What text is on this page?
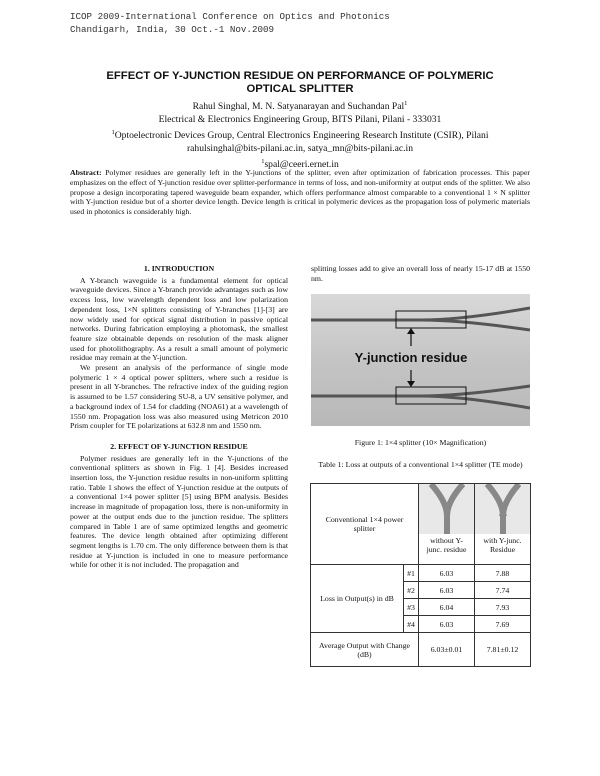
ICOP 2009-International Conference on Optics and Photonics
Chandigarh, India, 30 Oct.-1 Nov.2009
EFFECT OF Y-JUNCTION RESIDUE ON PERFORMANCE OF POLYMERIC
OPTICAL SPLITTER
Rahul Singhal, M. N. Satyanarayan and Suchandan Pal$^1$
Electrical & Electronics Engineering Group, BITS Pilani, Pilani - 333031
$^1$Optoelectronic Devices Group, Central Electronics Engineering Research Institute (CSIR), Pilani
rahulsinghal@bits-pilani.ac.in, satya_mn@bits-pilani.ac.in
$^1$spal@ceeri.ernet.in
Abstract: Polymer residues are generally left in the Y-junctions of the splitter, even after optimization of fabrication processes. This paper emphasizes on the effect of Y-junction residue over splitter-performance in terms of loss, and non-uniformity at output ends of the splitter. We also propose a design incorporating tapered waveguide beam expander, which offers performance almost comparable to a conventional 1 × N splitter with Y-junction residue but of a shorter device length. Device length is critical in polymeric devices as the propagation loss of polymeric materials used in photonics is considerably high.
1. INTRODUCTION

A Y-branch waveguide is a fundamental element for optical waveguide devices. Since a Y-branch provide advantages such as low excess loss, low wavelength dependent loss and low polarization dependent loss, 1×N splitters consisting of Y-branches [1]-[3] are now widely used for optical signal distribution in passive optical networks. During fabrication employing a photomask, the smallest feature size obtainable depends on resolution of the mask aligner used for photolithography. As a result a small amount of polymeric residue may remain at the Y-junction.

We present an analysis of the performance of single mode polymeric 1 × 4 optical power splitters, where such a residue is present in all Y-branches. The refractive index of the guiding region is assumed to be 1.57 considering SU-8, a UV sensitive polymer, and a background index of 1.54 for cladding (NOA61) at a wavelength of 1550 nm. Propagation loss was also measured using Metricon 2010 Prism coupler for TE polarizations at 632.8 nm and 1550 nm.

2. EFFECT OF Y-JUNCTION RESIDUE

Polymer residues are generally left in the Y-junctions of the conventional splitters as shown in Fig. 1 [4]. Besides increased insertion loss, the Y-junction residue results in non-uniform splitting ratio. Table 1 shows the effect of Y-junction residue at the outputs of a conventional 1×4 power splitter [5] using BPM analysis. Besides increase in magnitude of propagation loss, there is non-uniformity in power at the output ends due to the junction residue. The splitters compared in Table 1 are of same optimized lengths and geometric features. The device length obtained after optimizing different segment lengths is 1.70 cm. The only difference between them is that residue at Y-junction is included in one to measure performance while for other it is not included. The propagation and

splitting losses add to give an overall loss of nearly 15-17 dB at 1550 nm.

Y-junction residue
Figure 1: 1×4 splitter (10× Magnification)
Table 1: Loss at outputs of a conventional 1×4 splitter (TE mode)
Conventional 1×4 power splitter		without Y-junc. residue	with Y-junc. Residue

Loss in Output(s) in dB	#1	6.03	7.88
	#2	6.03	7.74
	#3	6.04	7.93
	#4	6.03	7.69
Average Output with Change (dB)		6.03±0.01	7.81±0.12
